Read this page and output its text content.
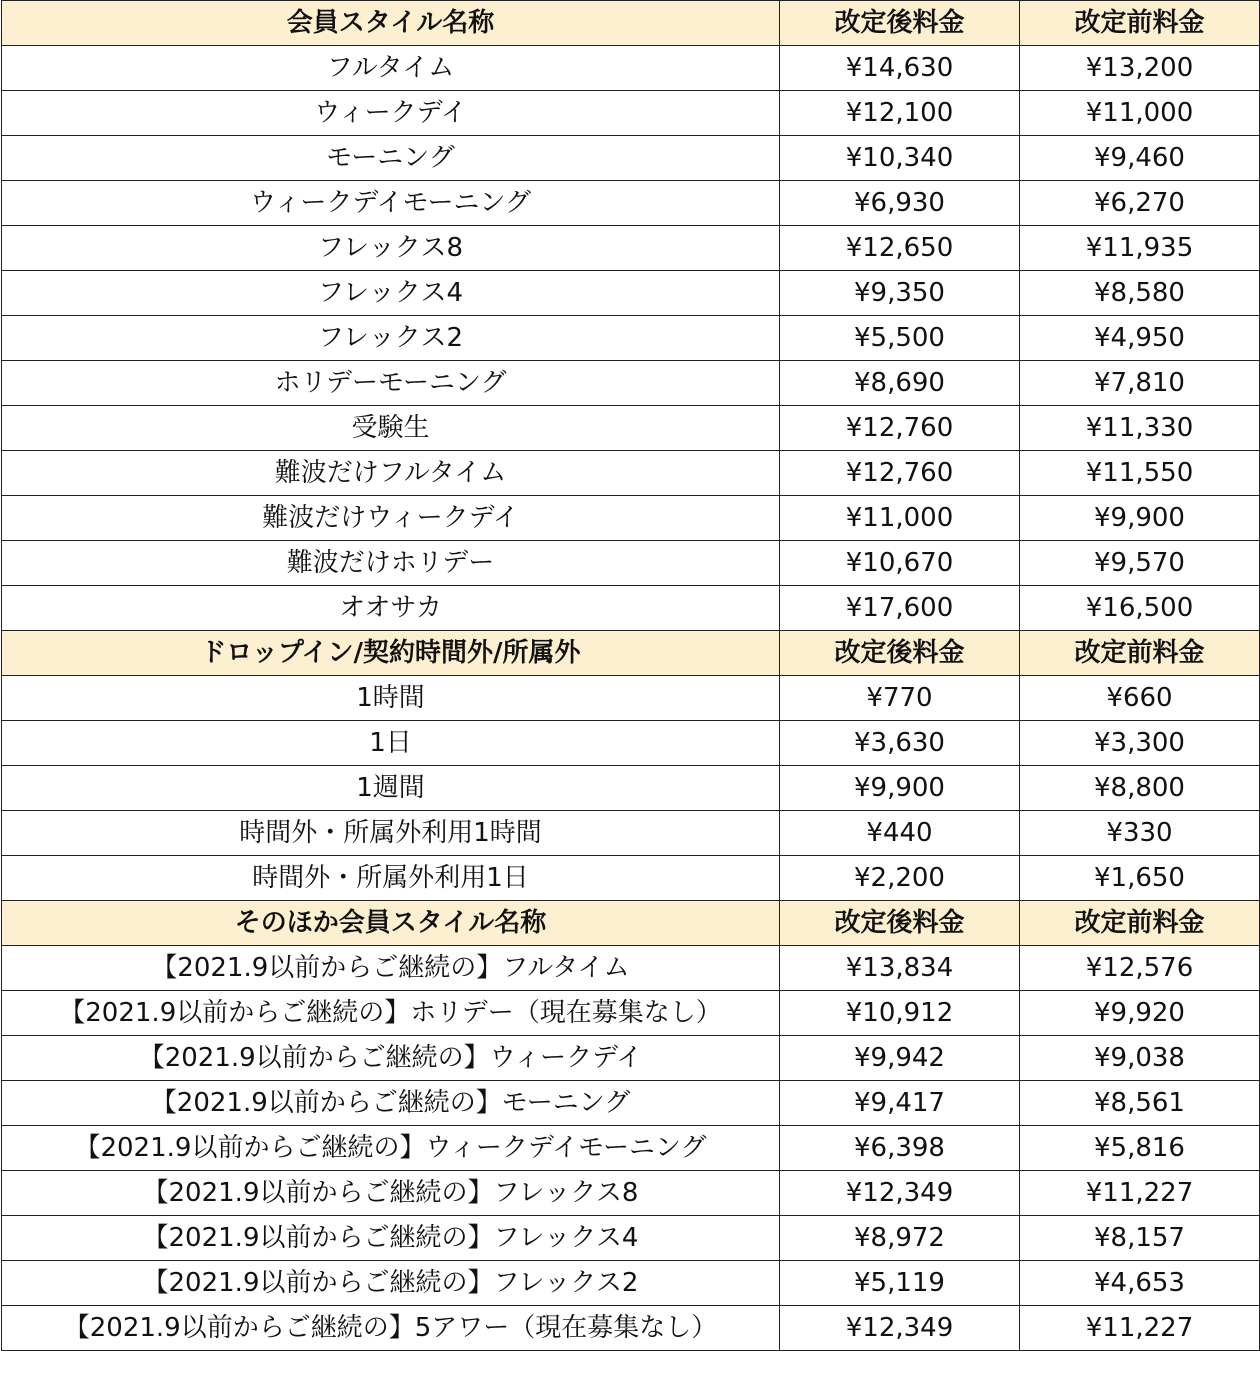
会員スタイル名称	改定後料金	改定前料金
フルタイム	¥14,630	¥13,200
ウィークデイ	¥12,100	¥11,000
モーニング	¥10,340	¥9,460
ウィークデイモーニング	¥6,930	¥6,270
フレックス8	¥12,650	¥11,935
フレックス4	¥9,350	¥8,580
フレックス2	¥5,500	¥4,950
ホリデーモーニング	¥8,690	¥7,810
受験生	¥12,760	¥11,330
難波だけフルタイム	¥12,760	¥11,550
難波だけウィークデイ	¥11,000	¥9,900
難波だけホリデー	¥10,670	¥9,570
オオサカ	¥17,600	¥16,500
ドロップイン/契約時間外/所属外	改定後料金	改定前料金
1時間	¥770	¥660
1日	¥3,630	¥3,300
1週間	¥9,900	¥8,800
時間外・所属外利用1時間	¥440	¥330
時間外・所属外利用1日	¥2,200	¥1,650
そのほか会員スタイル名称	改定後料金	改定前料金
【2021.9以前からご継続の】フルタイム	¥13,834	¥12,576
【2021.9以前からご継続の】ホリデー（現在募集なし）	¥10,912	¥9,920
【2021.9以前からご継続の】ウィークデイ	¥9,942	¥9,038
【2021.9以前からご継続の】モーニング	¥9,417	¥8,561
【2021.9以前からご継続の】ウィークデイモーニング	¥6,398	¥5,816
【2021.9以前からご継続の】フレックス8	¥12,349	¥11,227
【2021.9以前からご継続の】フレックス4	¥8,972	¥8,157
【2021.9以前からご継続の】フレックス2	¥5,119	¥4,653
【2021.9以前からご継続の】5アワー（現在募集なし）	¥12,349	¥11,227
